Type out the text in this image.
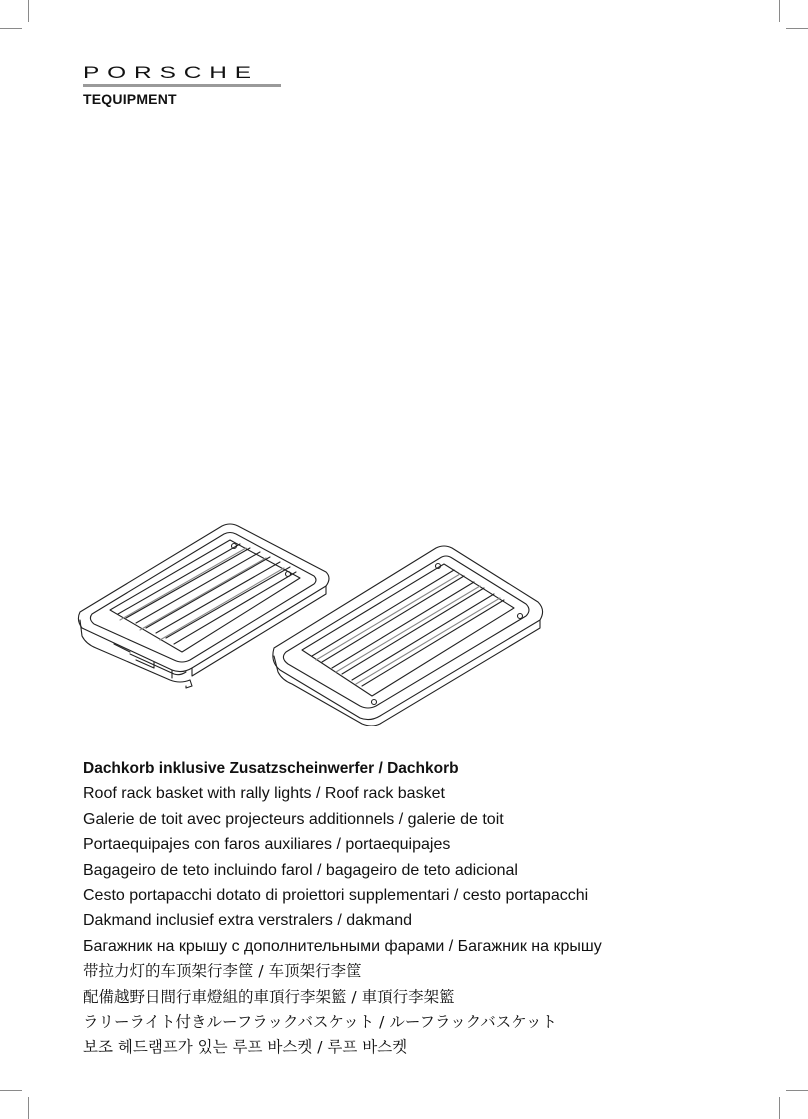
PORSCHE
TEQUIPMENT
Dachkorb inklusive Zusatzscheinwerfer / Dachkorb
Roof rack basket with rally lights / Roof rack basket
Galerie de toit avec projecteurs additionnels / galerie de toit
Portaequipajes con faros auxiliares / portaequipajes
Bagageiro de teto incluindo farol / bagageiro de teto adicional
Cesto portapacchi dotato di proiettori supplementari / cesto portapacchi
Dakmand inclusief extra verstralers / dakmand
Багажник на крышу с дополнительными фарами / Багажник на крышу
带拉力灯的车顶架行李筐 / 车顶架行李筐
配備越野日間行車燈組的車頂行李架籃 / 車頂行李架籃
ラリーライト付きルーフラックバスケット / ルーフラックバスケット
보조 헤드램프가 있는 루프 바스켓 / 루프 바스켓
